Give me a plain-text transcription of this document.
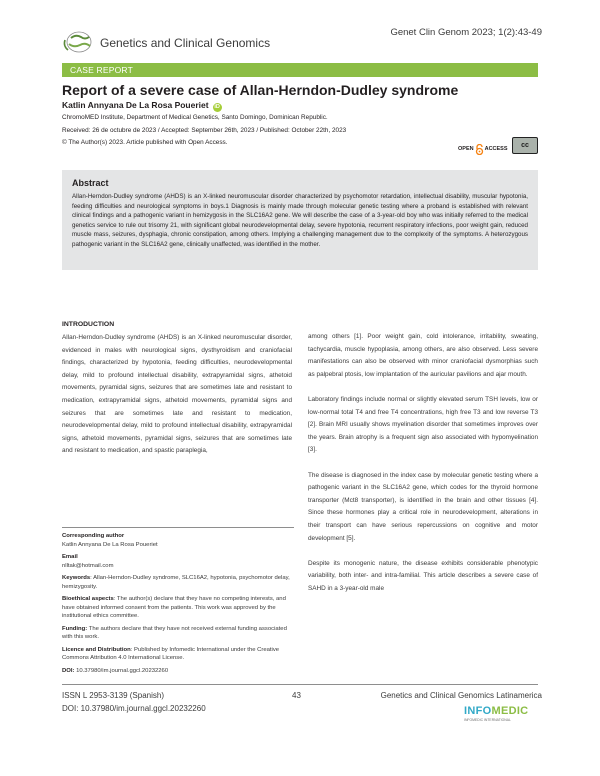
Genetics and Clinical Genomics
Genet Clin Genom 2023; 1(2):43-49
CASE REPORT
Report of a severe case of Allan-Herndon-Dudley syndrome
Katlin Annyana De La Rosa Poueriet iD
ChromoMED Institute, Department of Medical Genetics, Santo Domingo, Dominican Republic.
Received: 26 de octubre de 2023 / Accepted: September 26th, 2023 / Published: October 22th, 2023
© The Author(s) 2023. Article published with Open Access.
OPEN ACCESS	cc
Abstract

Allan-Herndon-Dudley syndrome (AHDS) is an X-linked neuromuscular disorder characterized by psychomotor retardation, intellectual disability, muscular hypotonia, feeding difficulties and neurological symptoms in boys.1 Diagnosis is mainly made through molecular genetic testing where a proband is established with relevant clinical findings and a pathogenic variant in hemizygosis in the SLC16A2 gene. We will describe the case of a 3-year-old boy who was initially referred to the medical genetics service to rule out trisomy 21, with significant global neurodevelopmental delay, severe hypotonia, recurrent respiratory infections, poor weight gain, reduced muscle mass, seizures, dysphagia, chronic constipation, among others. Implying a challenging management due to the complexity of the symptoms. A heterozygous pathogenic variant in the SLC16A2 gene, clinically unaffected, was identified in the mother.

INTRODUCTION

Allan-Herndon-Dudley syndrome (AHDS) is an X-linked neuromuscular disorder, evidenced in males with neurological signs, dysthyroidism and craniofacial findings, characterized by hypotonia, feeding difficulties, neurodevelopmental delay, mild to profound intellectual disability, extrapyramidal signs, athetoid movements, pyramidal signs, seizures that are sometimes late and resistant to medication, extrapyramidal signs, athetoid movements, pyramidal signs and seizures that are sometimes late and resistant to medication, neurodevelopmental delay, mild to profound intellectual disability, extrapyramidal signs, athetoid movements, pyramidal signs, seizures that are sometimes late and resistant to medication, and spastic paraplegia,

among others [1]. Poor weight gain, cold intolerance, irritability, sweating, tachycardia, muscle hypoplasia, among others, are also observed. Less severe manifestations can also be observed with minor craniofacial dysmorphias such as palpebral ptosis, low implantation of the auricular pavilions and ajar mouth.

Laboratory findings include normal or slightly elevated serum TSH levels, low or low-normal total T4 and free T4 concentrations, high free T3 and low reverse T3 [2]. Brain MRI usually shows myelination disorder that sometimes improves over the years. Brain atrophy is a frequent sign also associated with hypomyelination [3].

The disease is diagnosed in the index case by molecular genetic testing where a pathogenic variant in the SLC16A2 gene, which codes for the thyroid hormone transporter (Mct8 transporter), is identified in the brain and other tissues [4]. Since these hormones play a critical role in neurodevelopment, alterations in their transport can have serious repercussions on cognitive and motor development [5].

Despite its monogenic nature, the disease exhibits considerable phenotypic variability, both inter- and intra-familial. This article describes a severe case of SAHD in a 3-year-old male

Corresponding author
Katlin Annyana De La Rosa Poueriet
Email
nlltak@hotmail.com
Keywords: Allan-Herndon-Dudley syndrome, SLC16A2, hypotonia, psychomotor delay, hemizygosity.
Bioethical aspects: The author(s) declare that they have no competing interests, and have obtained informed consent from the patients. This work was approved by the institutional ethics committee.
Funding: The authors declare that they have not received external funding associated with this work.
Licence and Distribution: Published by Infomedic International under the Creative Commons Attribution 4.0 International License.
DOI: 10.37980/im.journal.ggcl.20232260
ISSN L 2953-3139 (Spanish)
DOI: 10.37980/im.journal.ggcl.20232260
43	Genetics and Clinical Genomics Latinamerica
INFOMEDIC
INFOMEDIC INTERNATIONAL
